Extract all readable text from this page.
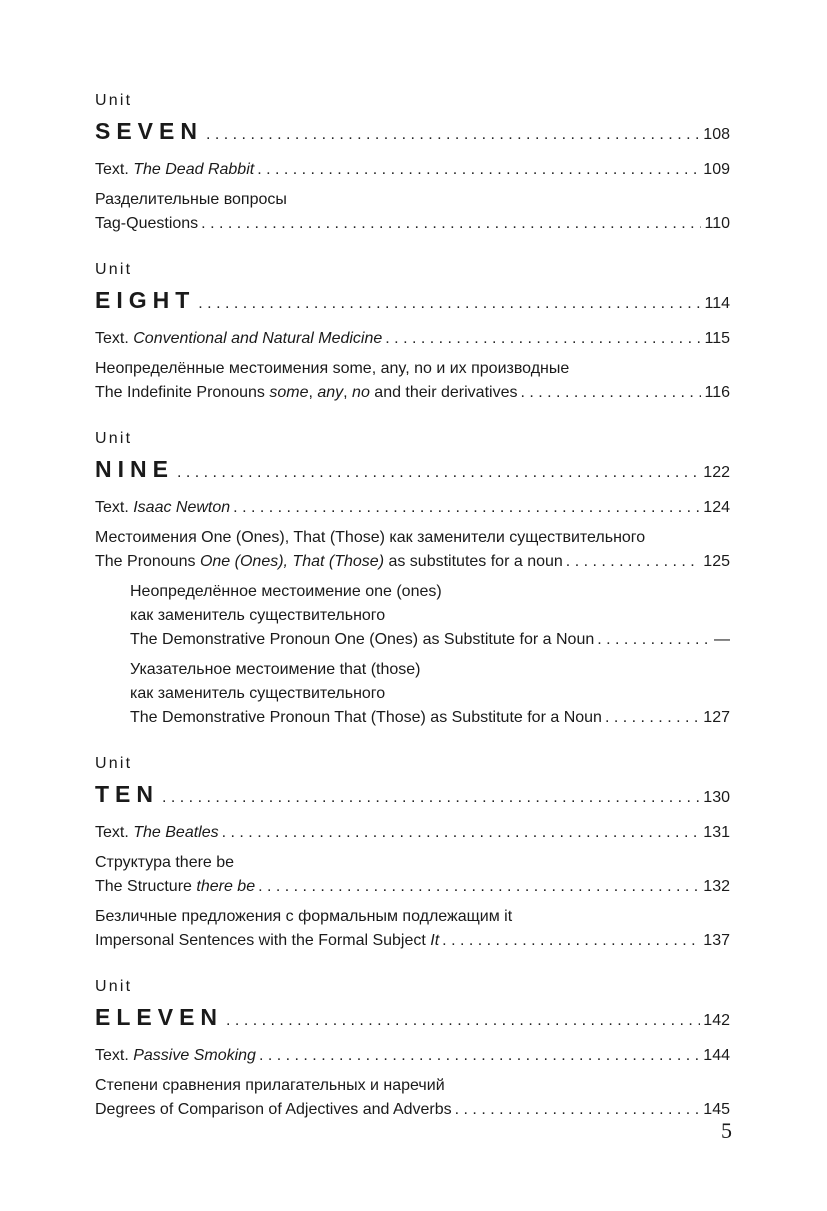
Unit
SEVEN . . .	108
Text. The Dead Rabbit . . .	109
Разделительные вопросы
Tag-Questions . . .	110
Unit
EIGHT . . .	114
Text. Conventional and Natural Medicine . . .	115
Неопределённые местоимения some, any, no и их производные
The Indefinite Pronouns some, any, no and their derivatives . . .	116
Unit
NINE . . .	122
Text. Isaac Newton . . .	124
Местоимения One (Ones), That (Those) как заменители существительного
The Pronouns One (Ones), That (Those) as substitutes for a noun . . .	125
Неопределённое местоимение one (ones)
как заменитель существительного
The Demonstrative Pronoun One (Ones) as Substitute for a Noun . . .	—
Указательное местоимение that (those)
как заменитель существительного
The Demonstrative Pronoun That (Those) as Substitute for a Noun . . .	127
Unit
TEN . . .	130
Text. The Beatles . . .	131
Структура there be
The Structure there be . . .	132
Безличные предложения с формальным подлежащим it
Impersonal Sentences with the Formal Subject It . . .	137
Unit
ELEVEN . . .	142
Text. Passive Smoking . . .	144
Степени сравнения прилагательных и наречий
Degrees of Comparison of Adjectives and Adverbs . . .	145
5
